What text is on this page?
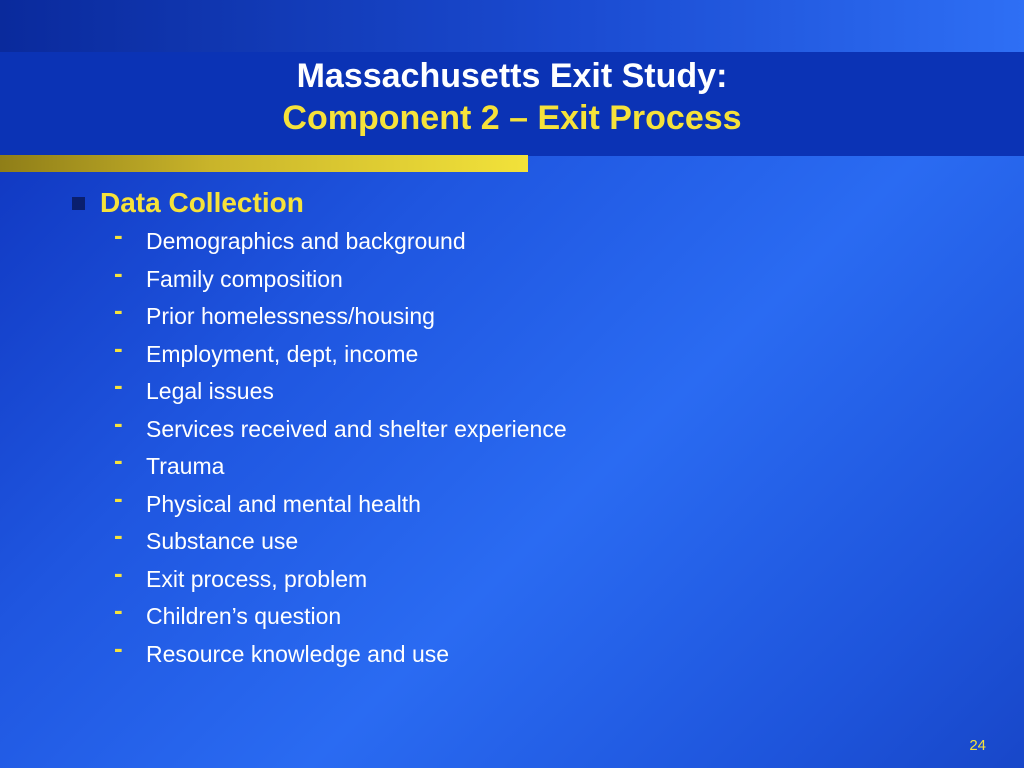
Massachusetts Exit Study:
Component 2 – Exit Process
Data Collection
-	Demographics and background
-	Family composition
-	Prior homelessness/housing
-	Employment, dept, income
-	Legal issues
-	Services received and shelter experience
-	Trauma
-	Physical and mental health
-	Substance use
-	Exit process, problem
-	Children’s question
-	Resource knowledge and use
24
